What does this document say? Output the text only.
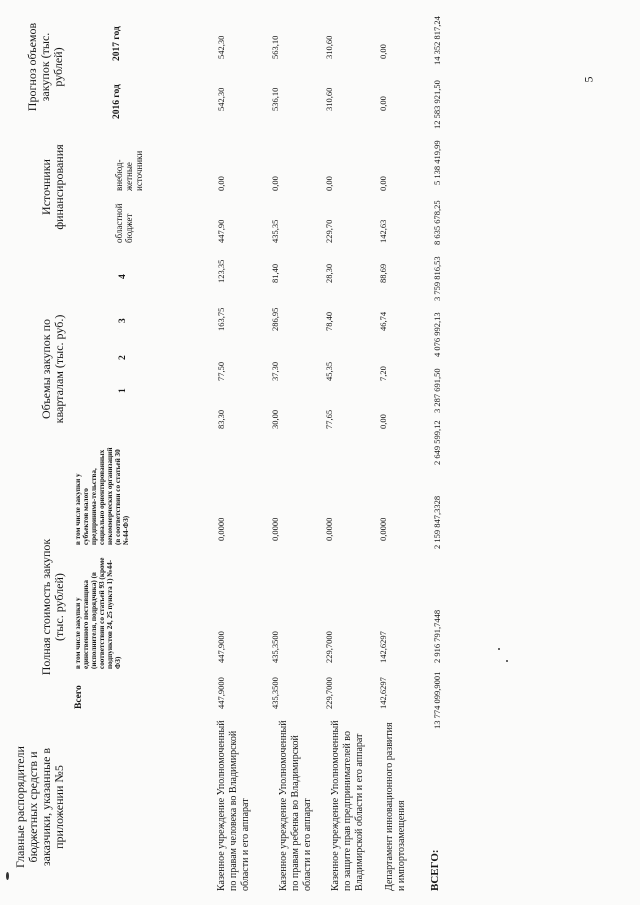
Главные распорядители бюджетных средств и заказчики, указанные в приложении №5
Полная стоимость закупок (тыс. рублей)
Объемы закупок по кварталам (тыс. руб.)
Источники финансирования
Прогноз объемов закупок (тыс. рублей)
Всего
в том числе закупки у единственного поставщика (исполнителя, подрядчика) (в соответствии со статьей 93 (кроме подпунктов 24, 25 пункта 1) №44-ФЗ)
в том числе закупки у субъектов малого предпринима-тельства, социально ориентированных некоммерческих организаций (в соответствии со статьей 30 №44-ФЗ)
1
2
3
4
областной бюджет
внебюд-жетные источники
2016 год
2017 год
Казенное учреждение Уполномоченный по правам человека во Владимирской области и его аппарат
447,9000
447,9000
0,0000
83,30
77,50
163,75
123,35
447,90
0,00
542,30
542,30
Казенное учреждение Уполномоченный по правам ребенка во Владимирской области и его аппарат
435,3500
435,3500
0,0000
30,00
37,30
286,95
81,40
435,35
0,00
536,10
563,10
Казенное учреждение Уполномоченный по защите прав предпринимателей во Владимирской области и его аппарат
229,7000
229,7000
0,0000
77,65
45,35
78,40
28,30
229,70
0,00
310,60
310,60
Департамент инновационного развития и импортозамещения
142,6297
142,6297
0,0000
0,00
7,20
46,74
88,69
142,63
0,00
0,00
0,00
ВСЕГО:
13 774 099,9001
2 916 791,7448
2 159 847,3328
2 649 599,12
3 287 691,50
4 076 992,13
3 759 816,53
8 635 678,25
5 138 419,99
12 583 921,50
14 352 817,24
5
